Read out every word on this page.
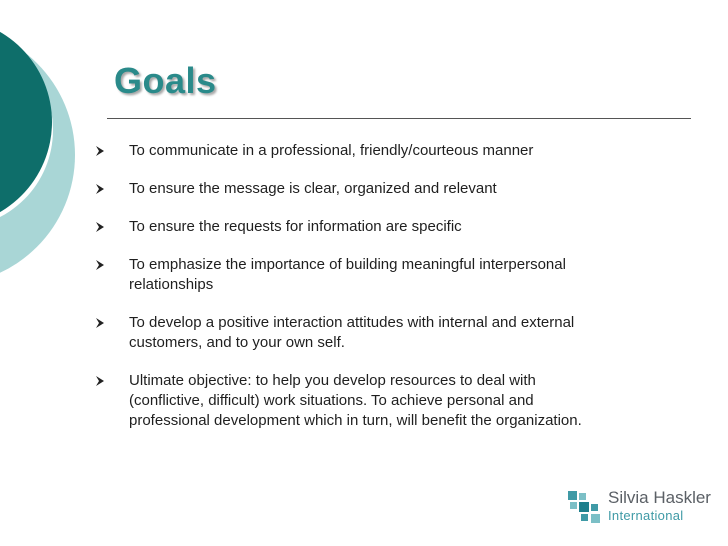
Goals
To communicate in a professional, friendly/courteous manner
To ensure the message is clear, organized and relevant
To ensure the requests for information are specific
To emphasize the importance of building meaningful interpersonal relationships
To develop a positive interaction attitudes with internal and external customers, and to your own self.
Ultimate objective: to help you develop resources to deal with (conflictive, difficult) work situations. To achieve personal and professional development which in turn, will benefit the organization.
Silvia Haskler
International
